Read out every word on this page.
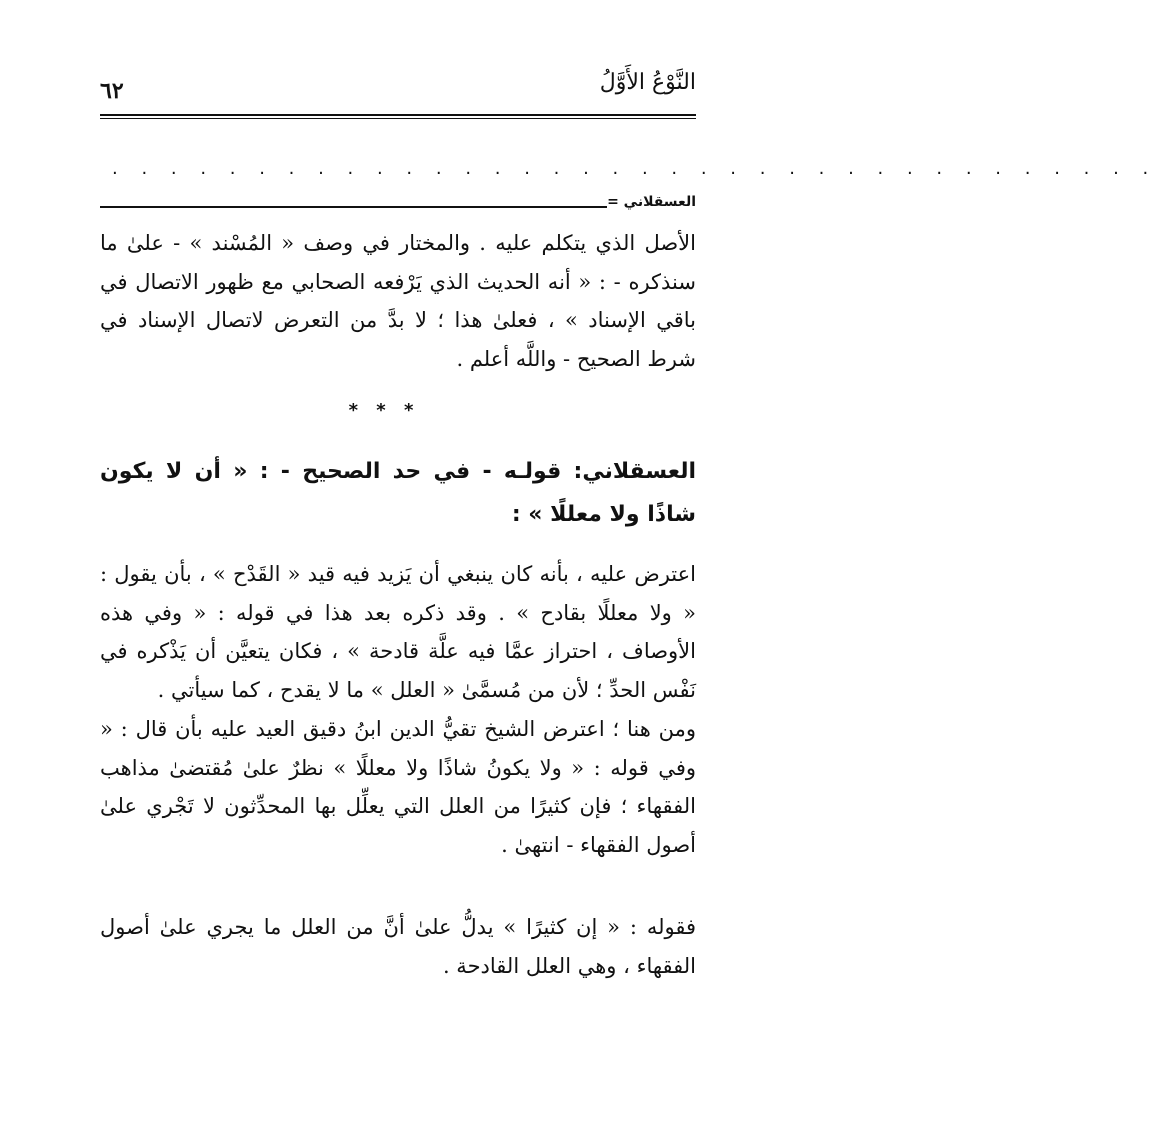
٦٢	النَّوْعُ الأَوَّلُ
. . . . . . . . . . . . . . . . . . . . . . . . . . . . . . . . . . . .
العسقلاني =

الأصل الذي يتكلم عليه . والمختار في وصف « المُسْند » - علىٰ ما سنذكره - : « أنه الحديث الذي يَرْفعه الصحابي مع ظهور الاتصال في باقي الإسناد » ، فعلىٰ هذا ؛ لا بدَّ من التعرض لاتصال الإسناد في شرط الصحيح - واللَّه أعلم .

* * *
العسقلاني: قولـه - في حد الصحيح - : « أن لا يكون شاذًا ولا معللًا » :

اعترض عليه ، بأنه كان ينبغي أن يَزيد فيه قيد « القَدْح » ، بأن يقول : « ولا معللًا بقادح » . وقد ذكره بعد هذا في قوله : « وفي هذه الأوصاف ، احتراز عمَّا فيه علَّة قادحة » ، فكان يتعيَّن أن يَذْكره في نَفْس الحدِّ ؛ لأن من مُسمَّىٰ « العلل » ما لا يقدح ، كما سيأتي .

ومن هنا ؛ اعترض الشيخ تقيُّ الدين ابنُ دقيق العيد عليه بأن قال : « وفي قوله : « ولا يكونُ شاذًا ولا معللًا » نظرٌ علىٰ مُقتضىٰ مذاهب الفقهاء ؛ فإن كثيرًا من العلل التي يعلِّل بها المحدِّثون لا تَجْري علىٰ أصول الفقهاء - انتهىٰ .

فقوله : « إن كثيرًا » يدلُّ علىٰ أنَّ من العلل ما يجري علىٰ أصول الفقهاء ، وهي العلل القادحة .
